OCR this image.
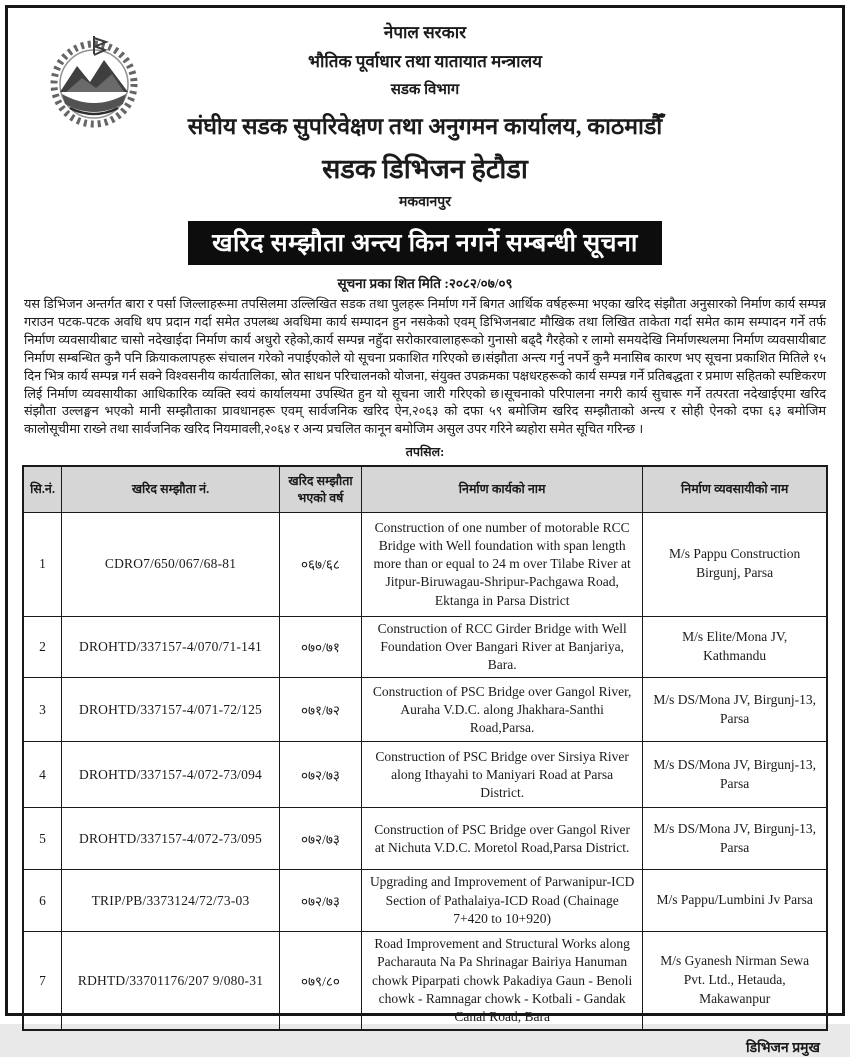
नेपाल सरकार
भौतिक पूर्वाधार तथा यातायात मन्त्रालय
सडक विभाग
संघीय सडक सुपरिवेक्षण तथा अनुगमन कार्यालय, काठमाडौँ
सडक डिभिजन हेटौडा
मकवानपुर
खरिद सम्झौता अन्त्य किन नगर्ने सम्बन्धी सूचना
सूचना प्रका शित मिति :२०८२/०७/०९
यस डिभिजन अन्तर्गत बारा र पर्सा जिल्लाहरूमा तपसिलमा उल्लिखित सडक तथा पुलहरू निर्माण गर्ने बिगत आर्थिक वर्षहरूमा भएका खरिद संझौता अनुसारको निर्माण कार्य सम्पन्न गराउन पटक-पटक अवधि थप प्रदान गर्दा समेत उपलब्ध अवधिमा कार्य सम्पादन हुन नसकेको एवम् डिभिजनबाट मौखिक तथा लिखित ताकेता गर्दा समेत काम सम्पादन गर्ने तर्फ निर्माण व्यवसायीबाट चासो नदेखाईदा निर्माण कार्य अधुरो रहेको,कार्य सम्पन्न नहुँदा सरोकारवालाहरूको गुनासो बढ्दै गैरहेको र लामो समयदेखि निर्माणस्थलमा निर्माण व्यवसायीबाट निर्माण सम्बन्धित कुनै पनि क्रियाकलापहरू संचालन गरेको नपाईएकोले यो सूचना प्रकाशित गरिएको छ।संझौता अन्त्य गर्नु नपर्ने कुनै मनासिब कारण भए सूचना प्रकाशित मितिले १५ दिन भित्र कार्य सम्पन्न गर्न सक्ने विश्वसनीय कार्यतालिका, स्रोत साधन परिचालनको योजना, संयुक्त उपक्रमका पक्षधरहरूको कार्य सम्पन्न गर्ने प्रतिबद्धता र प्रमाण सहितको स्पष्टिकरण लिई निर्माण व्यवसायीका आधिकारिक व्यक्ति स्वयं कार्यालयमा उपस्थित हुन यो सूचना जारी गरिएको छ।सूचनाको परिपालना नगरी कार्य सुचारू गर्ने तत्परता नदेखाईएमा खरिद संझौता उल्लङ्घन भएको मानी सम्झौताका प्रावधानहरू एवम् सार्वजनिक खरिद ऐन,२०६३ को दफा ५९ बमोजिम खरिद सम्झौताको अन्त्य र सोही ऐनको दफा ६३ बमोजिम कालोसूचीमा राख्ने तथा सार्वजनिक खरिद नियमावली,२०६४ र अन्य प्रचलित कानून बमोजिम असुल उपर गरिने ब्यहोरा समेत सूचित गरिन्छ ।
तपसिल:
सि.नं.	खरिद सम्झौता नं.	खरिद सम्झौता भएको वर्ष	निर्माण कार्यको नाम	निर्माण व्यवसायीको नाम
1	CDRO7/650/067/68-81	०६७/६८	Construction of one number of motorable RCC Bridge with Well foundation with span length more than or equal to 24 m over Tilabe River at Jitpur-Biruwagau-Shripur-Pachgawa Road, Ektanga in Parsa District	M/s Pappu Construction Birgunj, Parsa
2	DROHTD/337157-4/070/71-141	०७०/७१	Construction of RCC Girder Bridge with Well Foundation Over Bangari River at Banjariya, Bara.	M/s Elite/Mona JV, Kathmandu
3	DROHTD/337157-4/071-72/125	०७१/७२	Construction of PSC Bridge over Gangol River, Auraha V.D.C. along Jhakhara-Santhi Road,Parsa.	M/s DS/Mona JV, Birgunj-13, Parsa
4	DROHTD/337157-4/072-73/094	०७२/७३	Construction of PSC Bridge over Sirsiya River along Ithayahi to Maniyari Road at Parsa District.	M/s DS/Mona JV, Birgunj-13, Parsa
5	DROHTD/337157-4/072-73/095	०७२/७३	Construction of PSC Bridge over Gangol River at Nichuta V.D.C. Moretol Road,Parsa District.	M/s DS/Mona JV, Birgunj-13, Parsa
6	TRIP/PB/3373124/72/73-03	०७२/७३	Upgrading and Improvement of Parwanipur-ICD Section of Pathalaiya-ICD Road (Chainage 7+420 to 10+920)	M/s Pappu/Lumbini Jv Parsa
7	RDHTD/33701176/207 9/080-31	०७९/८०	Road Improvement and Structural Works along Pacharauta Na Pa Shrinagar Bairiya Hanuman chowk Piparpati chowk Pakadiya Gaun - Benoli chowk - Ramnagar chowk - Kotbali - Gandak Canal Road, Bara	M/s Gyanesh Nirman Sewa Pvt. Ltd., Hetauda, Makawanpur
डिभिजन प्रमुख
